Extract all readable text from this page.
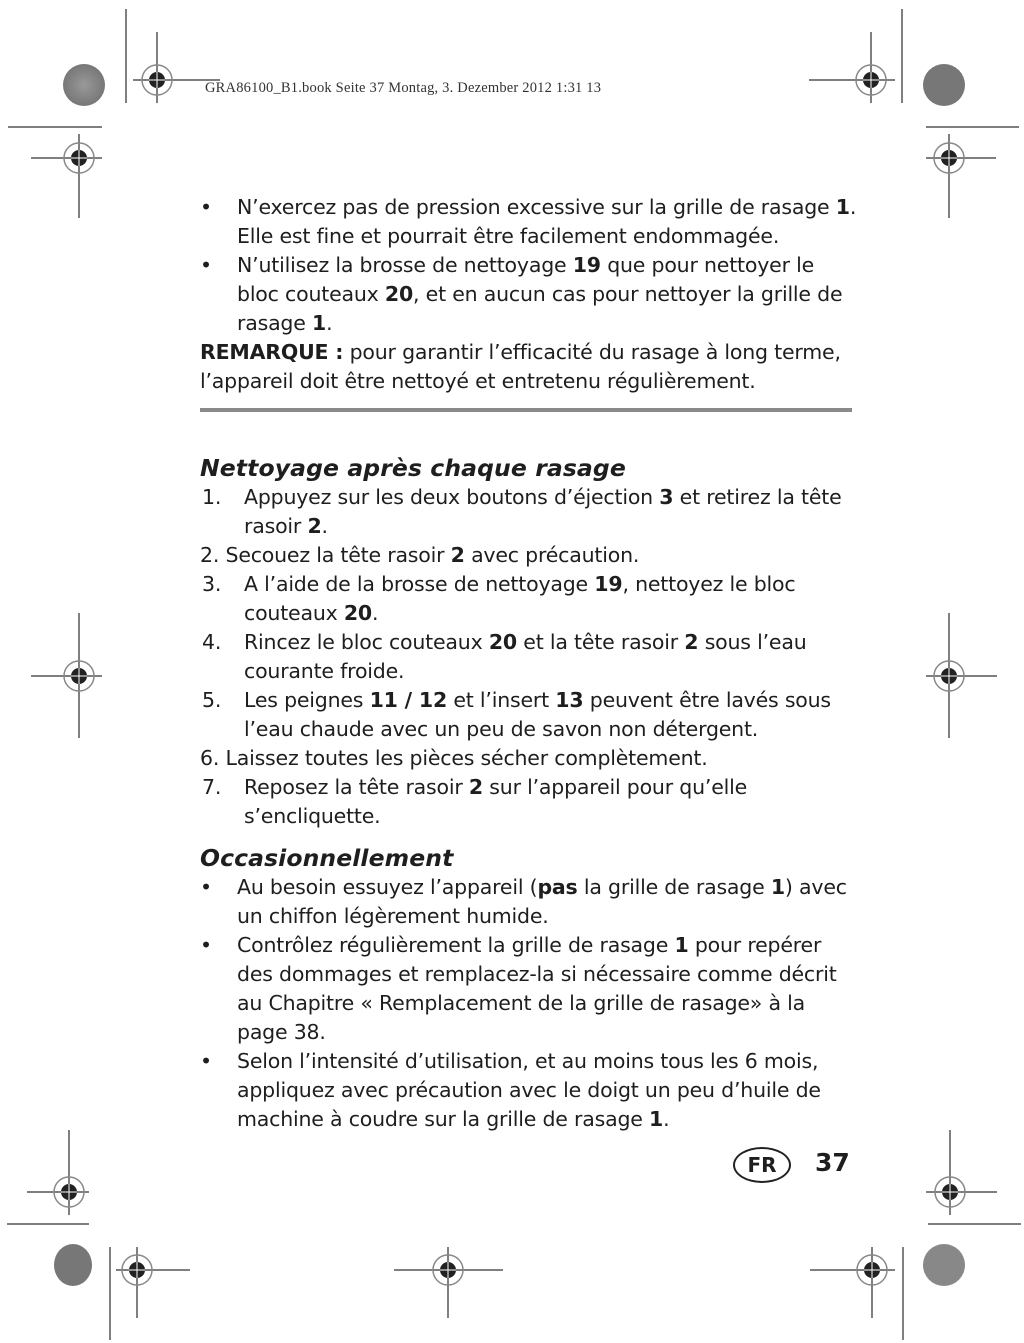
GRA86100_B1.book Seite 37 Montag, 3. Dezember 2012 1:31 13

• N’exercez pas de pression excessive sur la grille de rasage 1. Elle est fine et pourrait être facilement endommagée.

• N’utilisez la brosse de nettoyage 19 que pour nettoyer le bloc couteaux 20, et en aucun cas pour nettoyer la grille de rasage 1.

REMARQUE : pour garantir l’efficacité du rasage à long terme, l’appareil doit être nettoyé et entretenu régulièrement.

Nettoyage après chaque rasage

1. Appuyez sur les deux boutons d’éjection 3 et retirez la tête rasoir 2.

2. Secouez la tête rasoir 2 avec précaution.

3. A l’aide de la brosse de nettoyage 19, nettoyez le bloc couteaux 20.

4. Rincez le bloc couteaux 20 et la tête rasoir 2 sous l’eau courante froide.

5. Les peignes 11 / 12 et l’insert 13 peuvent être lavés sous l’eau chaude avec un peu de savon non détergent.

6. Laissez toutes les pièces sécher complètement.

7. Reposez la tête rasoir 2 sur l’appareil pour qu’elle s’encliquette.

Occasionnellement

• Au besoin essuyez l’appareil (pas la grille de rasage 1) avec un chiffon légèrement humide.

• Contrôlez régulièrement la grille de rasage 1 pour repérer des dommages et remplacez-la si nécessaire comme décrit au Chapitre « Remplacement de la grille de rasage» à la page 38.

• Selon l’intensité d’utilisation, et au moins tous les 6 mois, appliquez avec précaution avec le doigt un peu d’huile de machine à coudre sur la grille de rasage 1.

FR	37
